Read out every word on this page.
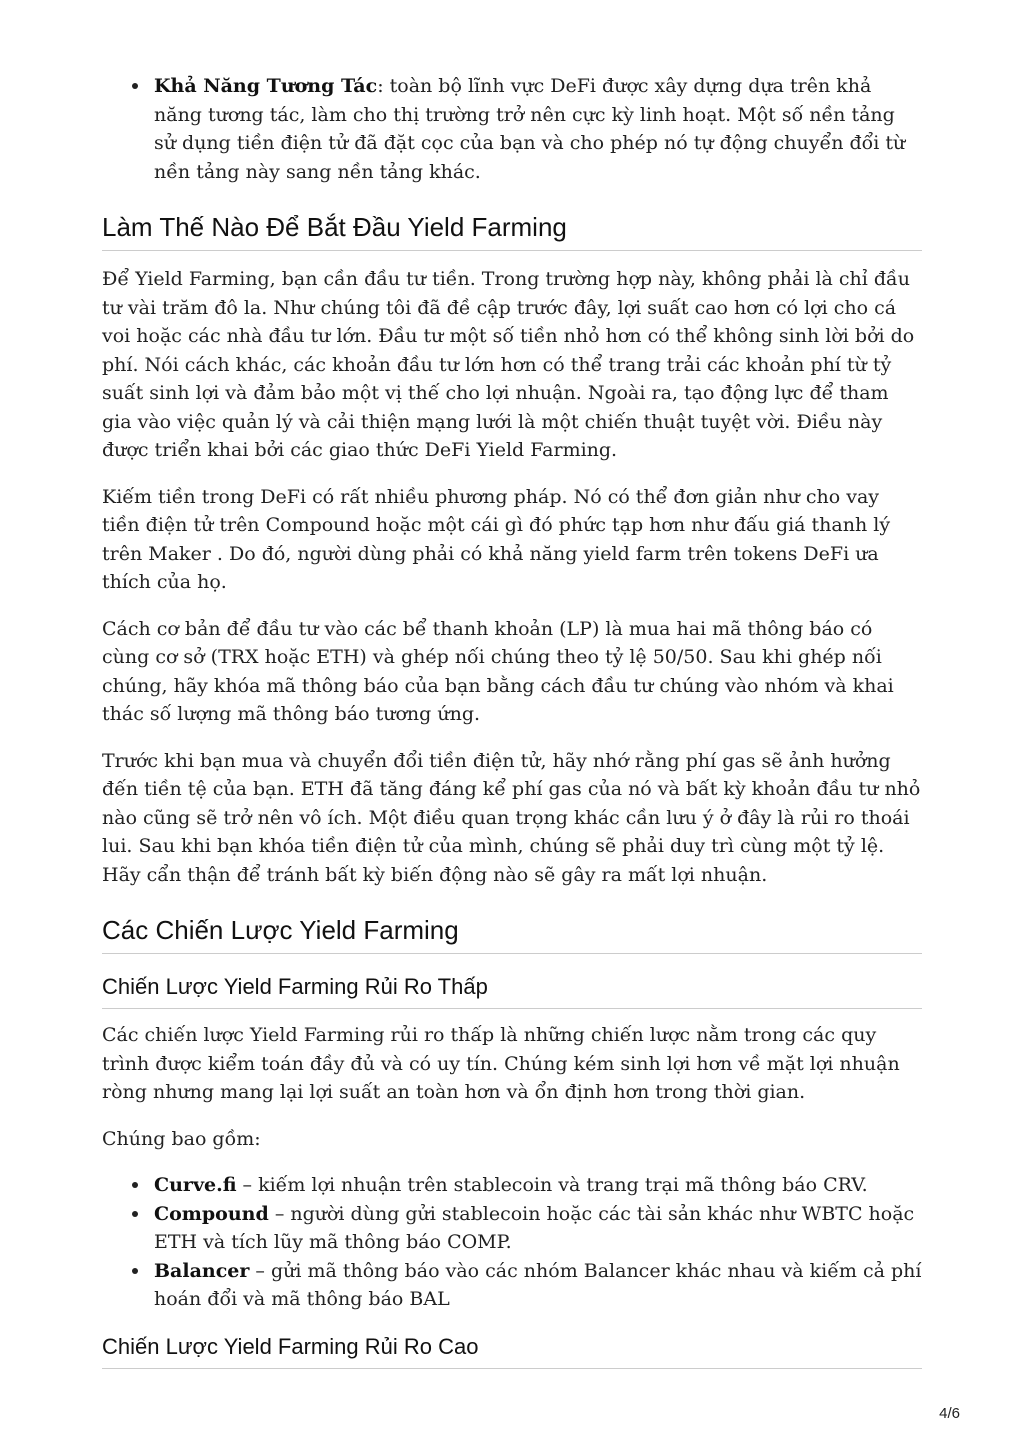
Khả Năng Tương Tác: toàn bộ lĩnh vực DeFi được xây dựng dựa trên khả năng tương tác, làm cho thị trường trở nên cực kỳ linh hoạt. Một số nền tảng sử dụng tiền điện tử đã đặt cọc của bạn và cho phép nó tự động chuyển đổi từ nền tảng này sang nền tảng khác.
Làm Thế Nào Để Bắt Đầu Yield Farming

Để Yield Farming, bạn cần đầu tư tiền. Trong trường hợp này, không phải là chỉ đầu tư vài trăm đô la. Như chúng tôi đã đề cập trước đây, lợi suất cao hơn có lợi cho cá voi hoặc các nhà đầu tư lớn. Đầu tư một số tiền nhỏ hơn có thể không sinh lời bởi do phí. Nói cách khác, các khoản đầu tư lớn hơn có thể trang trải các khoản phí từ tỷ suất sinh lợi và đảm bảo một vị thế cho lợi nhuận. Ngoài ra, tạo động lực để tham gia vào việc quản lý và cải thiện mạng lưới là một chiến thuật tuyệt vời. Điều này được triển khai bởi các giao thức DeFi Yield Farming.

Kiếm tiền trong DeFi có rất nhiều phương pháp. Nó có thể đơn giản như cho vay tiền điện tử trên Compound hoặc một cái gì đó phức tạp hơn như đấu giá thanh lý trên Maker . Do đó, người dùng phải có khả năng yield farm trên tokens DeFi ưa thích của họ.

Cách cơ bản để đầu tư vào các bể thanh khoản (LP) là mua hai mã thông báo có cùng cơ sở (TRX hoặc ETH) và ghép nối chúng theo tỷ lệ 50/50. Sau khi ghép nối chúng, hãy khóa mã thông báo của bạn bằng cách đầu tư chúng vào nhóm và khai thác số lượng mã thông báo tương ứng.

Trước khi bạn mua và chuyển đổi tiền điện tử, hãy nhớ rằng phí gas sẽ ảnh hưởng đến tiền tệ của bạn. ETH đã tăng đáng kể phí gas của nó và bất kỳ khoản đầu tư nhỏ nào cũng sẽ trở nên vô ích. Một điều quan trọng khác cần lưu ý ở đây là rủi ro thoái lui. Sau khi bạn khóa tiền điện tử của mình, chúng sẽ phải duy trì cùng một tỷ lệ. Hãy cẩn thận để tránh bất kỳ biến động nào sẽ gây ra mất lợi nhuận.

Các Chiến Lược Yield Farming
Chiến Lược Yield Farming Rủi Ro Thấp

Các chiến lược Yield Farming rủi ro thấp là những chiến lược nằm trong các quy trình được kiểm toán đầy đủ và có uy tín. Chúng kém sinh lợi hơn về mặt lợi nhuận ròng nhưng mang lại lợi suất an toàn hơn và ổn định hơn trong thời gian.

Chúng bao gồm:

Curve.fi – kiếm lợi nhuận trên stablecoin và trang trại mã thông báo CRV.
Compound – người dùng gửi stablecoin hoặc các tài sản khác như WBTC hoặc ETH và tích lũy mã thông báo COMP.
Balancer – gửi mã thông báo vào các nhóm Balancer khác nhau và kiếm cả phí hoán đổi và mã thông báo BAL
Chiến Lược Yield Farming Rủi Ro Cao
4/6
